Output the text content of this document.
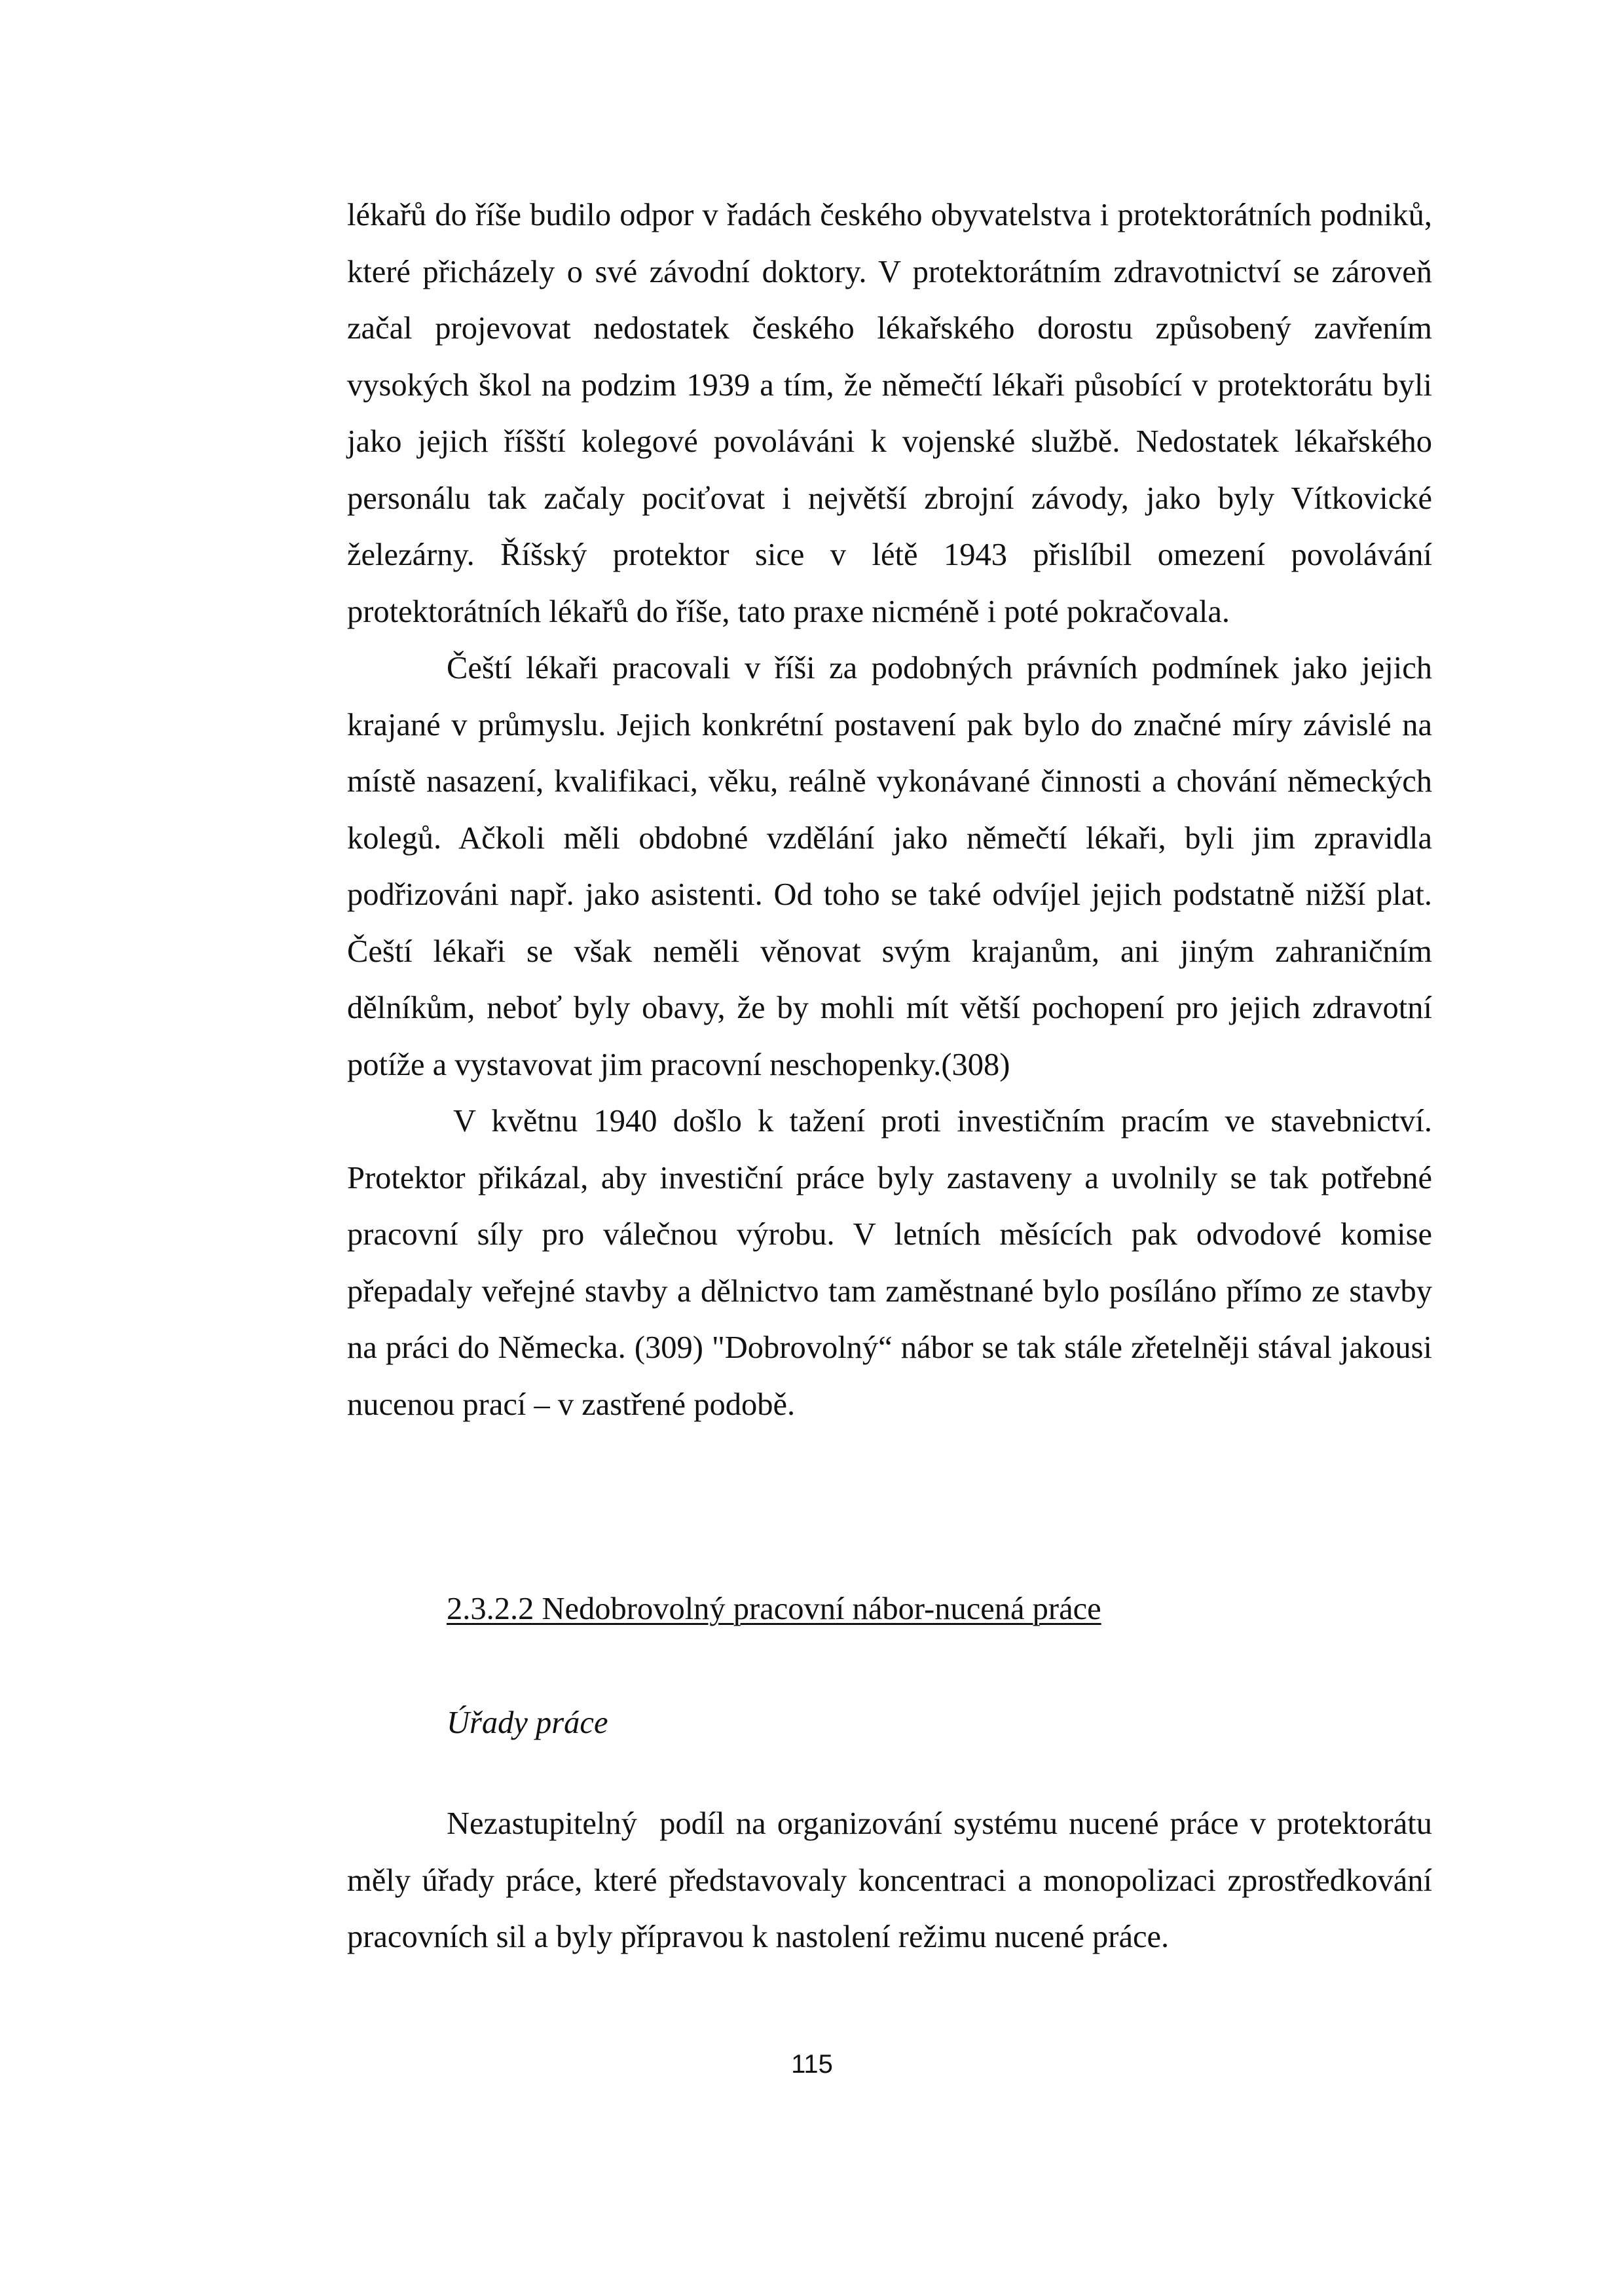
lékařů do říše budilo odpor v řadách českého obyvatelstva i protektorátních podniků, které přicházely o své závodní doktory. V protektorátním zdravotnictví se zároveň začal projevovat nedostatek českého lékařského dorostu způsobený zavřením vysokých škol na podzim 1939 a tím, že němečtí lékaři působící v protektorátu byli jako jejich říšští kolegové povoláváni k vojenské službě. Nedostatek lékařského personálu tak začaly pociťovat i největší zbrojní závody, jako byly Vítkovické železárny. Říšský protektor sice v létě 1943 přislíbil omezení povolávání protektorátních lékařů do říše, tato praxe nicméně i poté pokračovala.

Čeští lékaři pracovali v říši za podobných právních podmínek jako jejich krajané v průmyslu. Jejich konkrétní postavení pak bylo do značné míry závislé na místě nasazení, kvalifikaci, věku, reálně vykonávané činnosti a chování německých kolegů. Ačkoli měli obdobné vzdělání jako němečtí lékaři, byli jim zpravidla podřizováni např. jako asistenti. Od toho se také odvíjel jejich podstatně nižší plat. Čeští lékaři se však neměli věnovat svým krajanům, ani jiným zahraničním dělníkům, neboť byly obavy, že by mohli mít větší pochopení pro jejich zdravotní potíže a vystavovat jim pracovní neschopenky.(308)

V květnu 1940 došlo k tažení proti investičním pracím ve stavebnictví. Protektor přikázal, aby investiční práce byly zastaveny a uvolnily se tak potřebné pracovní síly pro válečnou výrobu. V letních měsících pak odvodové komise přepadaly veřejné stavby a dělnictvo tam zaměstnané bylo posíláno přímo ze stavby na práci do Německa. (309) "Dobrovolný“ nábor se tak stále zřetelněji stával jakousi nucenou prací – v zastřené podobě.

2.3.2.2 Nedobrovolný pracovní nábor-nucená práce

Úřady práce

Nezastupitelný  podíl na organizování systému nucené práce v protektorátu měly úřady práce, které představovaly koncentraci a monopolizaci zprostředkování pracovních sil a byly přípravou k nastolení režimu nucené práce.

115
